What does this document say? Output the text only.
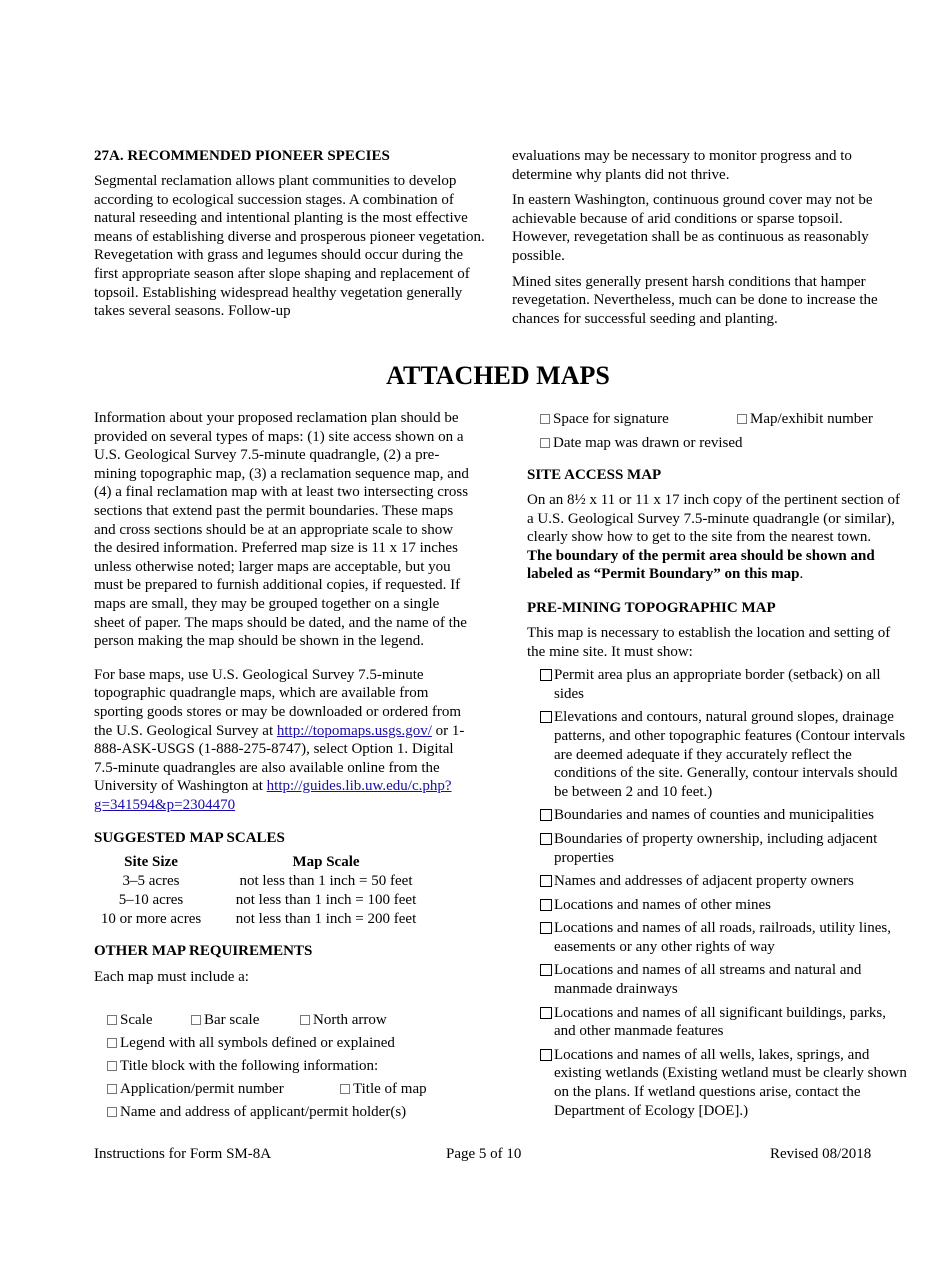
27A. RECOMMENDED PIONEER SPECIES

Segmental reclamation allows plant communities to develop according to ecological succession stages. A combination of natural reseeding and intentional planting is the most effective means of establishing diverse and prosperous pioneer vegetation. Revegetation with grass and legumes should occur during the first appropriate season after slope shaping and replacement of topsoil. Establishing widespread healthy vegetation generally takes several seasons. Follow-up

evaluations may be necessary to monitor progress and to determine why plants did not thrive.

In eastern Washington, continuous ground cover may not be achievable because of arid conditions or sparse topsoil. However, revegetation shall be as continuous as reasonably possible.

Mined sites generally present harsh conditions that hamper revegetation. Nevertheless, much can be done to increase the chances for successful seeding and planting.

ATTACHED MAPS

Information about your proposed reclamation plan should be provided on several types of maps: (1) site access shown on a U.S. Geological Survey 7.5-minute quadrangle, (2) a pre-mining topographic map, (3) a reclamation sequence map, and (4) a final reclamation map with at least two intersecting cross sections that extend past the permit boundaries. These maps and cross sections should be at an appropriate scale to show the desired information. Preferred map size is 11 x 17 inches unless otherwise noted; larger maps are acceptable, but you must be prepared to furnish additional copies, if requested. If maps are small, they may be grouped together on a single sheet of paper. The maps should be dated, and the name of the person making the map should be shown in the legend.

For base maps, use U.S. Geological Survey 7.5-minute topographic quadrangle maps, which are available from sporting goods stores or may be downloaded or ordered from the U.S. Geological Survey at http://topomaps.usgs.gov/ or 1-888-ASK-USGS (1-888-275-8747), select Option 1. Digital 7.5-minute quadrangles are also available online from the University of Washington at http://guides.lib.uw.edu/c.php?g=341594&p=2304470

SUGGESTED MAP SCALES
Site Size	Map Scale
3–5 acres	not less than 1 inch = 50 feet
5–10 acres	not less than 1 inch = 100 feet
10 or more acres	not less than 1 inch = 200 feet
OTHER MAP REQUIREMENTS

Each map must include a:

Scale	Bar scale	North arrow
Legend with all symbols defined or explained
Title block with the following information:
Application/permit number	Title of map
Name and address of applicant/permit holder(s)
Space for signature	Map/exhibit number
Date map was drawn or revised
SITE ACCESS MAP

On an 8½ x 11 or 11 x 17 inch copy of the pertinent section of a U.S. Geological Survey 7.5-minute quadrangle (or similar), clearly show how to get to the site from the nearest town.

The boundary of the permit area should be shown and labeled as “Permit Boundary” on this map.

PRE-MINING TOPOGRAPHIC MAP

This map is necessary to establish the location and setting of the mine site. It must show:

Permit area plus an appropriate border (setback) on all sides
Elevations and contours, natural ground slopes, drainage patterns, and other topographic features (Contour intervals are deemed adequate if they accurately reflect the conditions of the site. Generally, contour intervals should be between 2 and 10 feet.)
Boundaries and names of counties and municipalities
Boundaries of property ownership, including adjacent properties
Names and addresses of adjacent property owners
Locations and names of other mines
Locations and names of all roads, railroads, utility lines, easements or any other rights of way
Locations and names of all streams and natural and manmade drainways
Locations and names of all significant buildings, parks, and other manmade features
Locations and names of all wells, lakes, springs, and existing wetlands (Existing wetland must be clearly shown on the plans. If wetland questions arise, contact the Department of Ecology [DOE].)
Instructions for Form SM-8A	Page 5 of 10	Revised 08/2018
